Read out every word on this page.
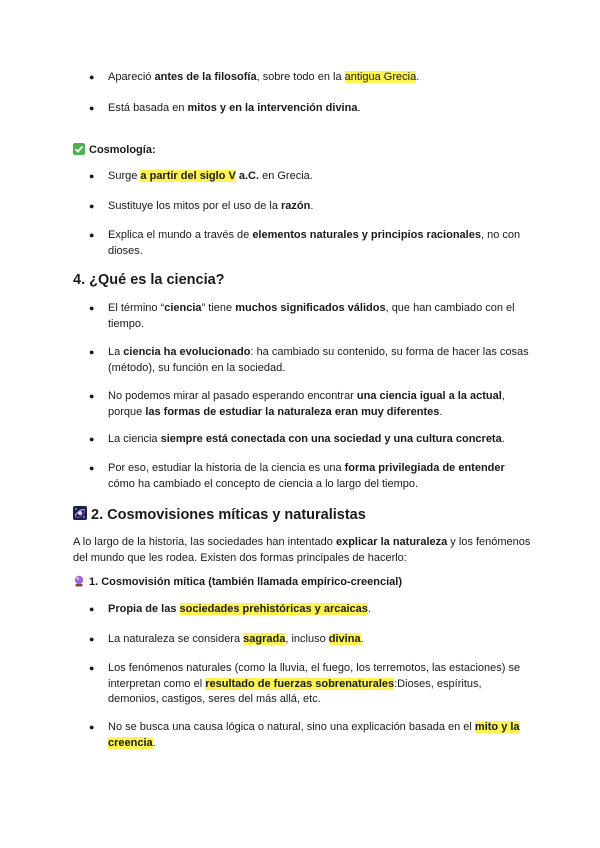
● Apareció antes de la filosofía, sobre todo en la antigua Grecia.
● Está basada en mitos y en la intervención divina.
Cosmología:
● Surge a partir del siglo V a.C. en Grecia.
● Sustituye los mitos por el uso de la razón.
● Explica el mundo a través de elementos naturales y principios racionales, no con dioses.
4. ¿Qué es la ciencia?
● El término “ciencia” tiene muchos significados válidos, que han cambiado con el tiempo.
● La ciencia ha evolucionado: ha cambiado su contenido, su forma de hacer las cosas (método), su función en la sociedad.
● No podemos mirar al pasado esperando encontrar una ciencia igual a la actual, porque las formas de estudiar la naturaleza eran muy diferentes.
● La ciencia siempre está conectada con una sociedad y una cultura concreta.
● Por eso, estudiar la historia de la ciencia es una forma privilegiada de entender cómo ha cambiado el concepto de ciencia a lo largo del tiempo.
2. Cosmovisiones míticas y naturalistas
A lo largo de la historia, las sociedades han intentado explicar la naturaleza y los fenómenos del mundo que les rodea. Existen dos formas principales de hacerlo:
1. Cosmovisión mítica (también llamada empírico-creencial)
● Propia de las sociedades prehistóricas y arcaicas.
● La naturaleza se considera sagrada, incluso divina.
● Los fenómenos naturales (como la lluvia, el fuego, los terremotos, las estaciones) se interpretan como el resultado de fuerzas sobrenaturales:Dioses, espíritus, demonios, castigos, seres del más allá, etc.
● No se busca una causa lógica o natural, sino una explicación basada en el mito y la creencia.
